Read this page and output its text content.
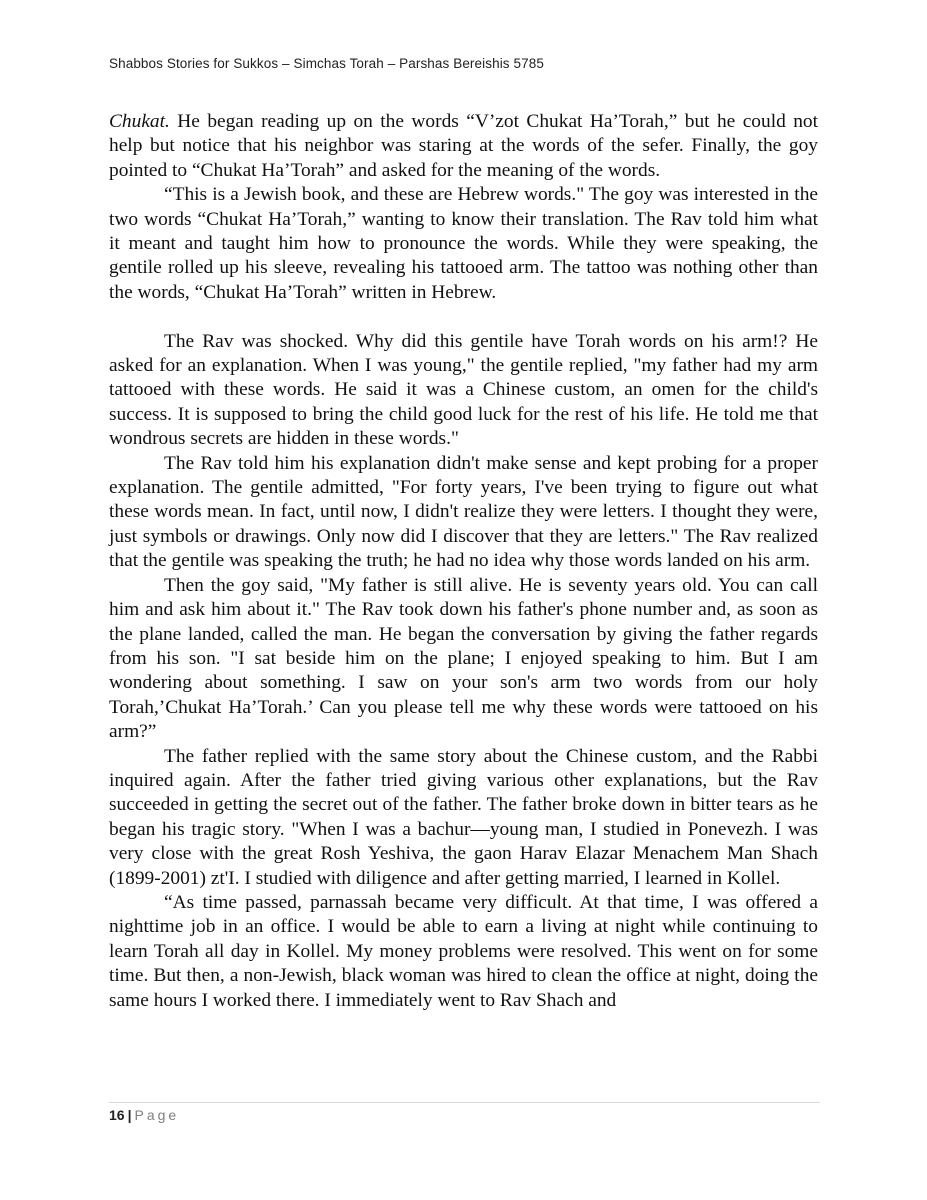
Shabbos Stories for Sukkos – Simchas Torah – Parshas Bereishis 5785

Chukat. He began reading up on the words “V’zot Chukat Ha’Torah,” but he could not help but notice that his neighbor was staring at the words of the sefer. Finally, the goy pointed to “Chukat Ha’Torah” and asked for the meaning of the words.

“This is a Jewish book, and these are Hebrew words." The goy was interested in the two words “Chukat Ha’Torah,” wanting to know their translation. The Rav told him what it meant and taught him how to pronounce the words. While they were speaking, the gentile rolled up his sleeve, revealing his tattooed arm. The tattoo was nothing other than the words, “Chukat Ha’Torah” written in Hebrew.

The Rav was shocked. Why did this gentile have Torah words on his arm!? He asked for an explanation. When I was young," the gentile replied, "my father had my arm tattooed with these words. He said it was a Chinese custom, an omen for the child's success. It is supposed to bring the child good luck for the rest of his life. He told me that wondrous secrets are hidden in these words."

The Rav told him his explanation didn't make sense and kept probing for a proper explanation. The gentile admitted, "For forty years, I've been trying to figure out what these words mean. In fact, until now, I didn't realize they were letters. I thought they were, just symbols or drawings. Only now did I discover that they are letters." The Rav realized that the gentile was speaking the truth; he had no idea why those words landed on his arm.

Then the goy said, "My father is still alive. He is seventy years old. You can call him and ask him about it." The Rav took down his father's phone number and, as soon as the plane landed, called the man. He began the conversation by giving the father regards from his son. "I sat beside him on the plane; I enjoyed speaking to him. But I am wondering about something. I saw on your son's arm two words from our holy Torah,’Chukat Ha’Torah.’ Can you please tell me why these words were tattooed on his arm?”

The father replied with the same story about the Chinese custom, and the Rabbi inquired again. After the father tried giving various other explanations, but the Rav succeeded in getting the secret out of the father. The father broke down in bitter tears as he began his tragic story. "When I was a bachur—young man, I studied in Ponevezh. I was very close with the great Rosh Yeshiva, the gaon Harav Elazar Menachem Man Shach (1899-2001) zt'I. I studied with diligence and after getting married, I learned in Kollel.

“As time passed, parnassah became very difficult. At that time, I was offered a nighttime job in an office. I would be able to earn a living at night while continuing to learn Torah all day in Kollel. My money problems were resolved. This went on for some time. But then, a non-Jewish, black woman was hired to clean the office at night, doing the same hours I worked there. I immediately went to Rav Shach and

16 | Page
